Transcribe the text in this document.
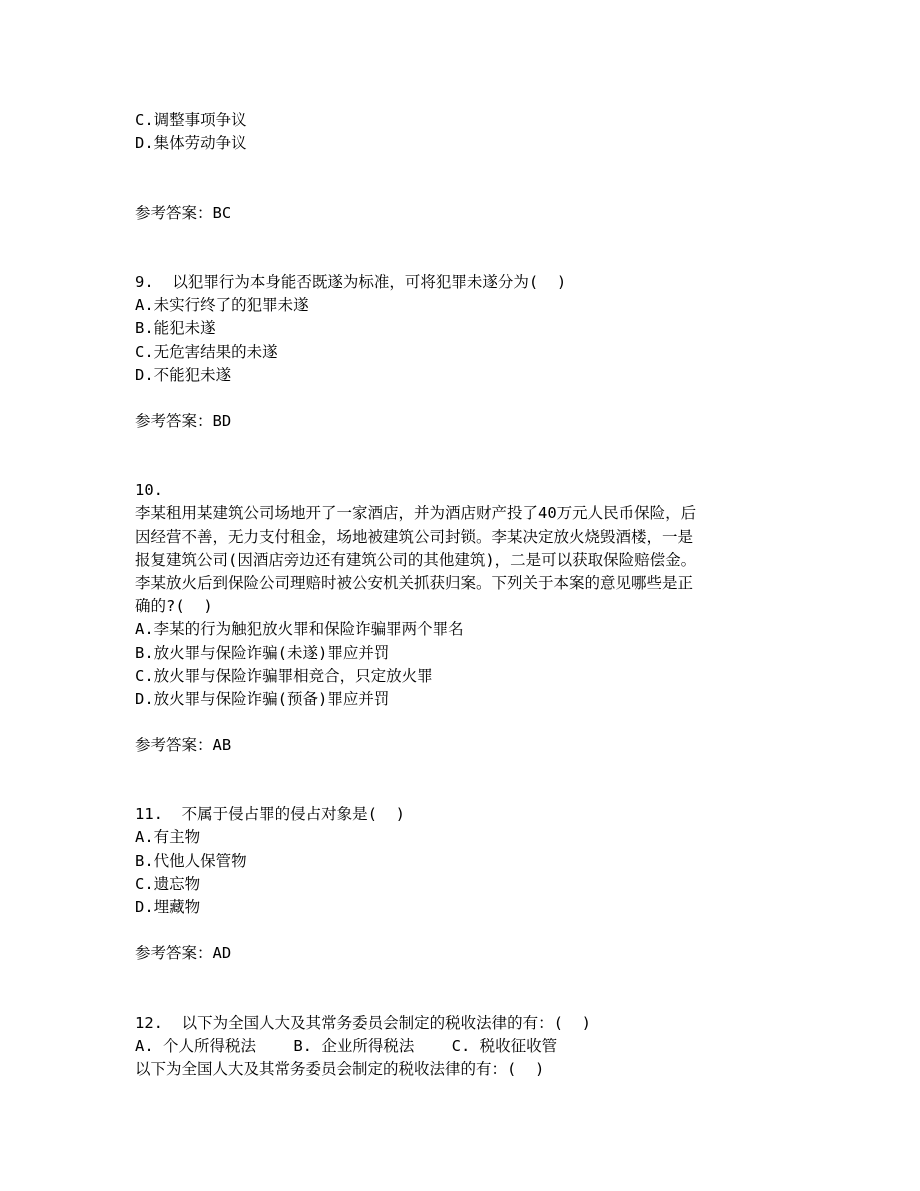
C.调整事项争议

D.集体劳动争议

参考答案：BC

9.  以犯罪行为本身能否既遂为标准，可将犯罪未遂分为(  )

A.未实行终了的犯罪未遂

B.能犯未遂

C.无危害结果的未遂

D.不能犯未遂

参考答案：BD

10.

李某租用某建筑公司场地开了一家酒店，并为酒店财产投了40万元人民币保险，后

因经营不善，无力支付租金，场地被建筑公司封锁。李某决定放火烧毁酒楼，一是

报复建筑公司(因酒店旁边还有建筑公司的其他建筑)，二是可以获取保险赔偿金。

李某放火后到保险公司理赔时被公安机关抓获归案。下列关于本案的意见哪些是正

确的?(  )

A.李某的行为触犯放火罪和保险诈骗罪两个罪名

B.放火罪与保险诈骗(未遂)罪应并罚

C.放火罪与保险诈骗罪相竞合，只定放火罪

D.放火罪与保险诈骗(预备)罪应并罚

参考答案：AB

11.  不属于侵占罪的侵占对象是(  )

A.有主物

B.代他人保管物

C.遗忘物

D.埋藏物

参考答案：AD

12.  以下为全国人大及其常务委员会制定的税收法律的有：(  )

A. 个人所得税法    B. 企业所得税法    C. 税收征收管

以下为全国人大及其常务委员会制定的税收法律的有：(  )
